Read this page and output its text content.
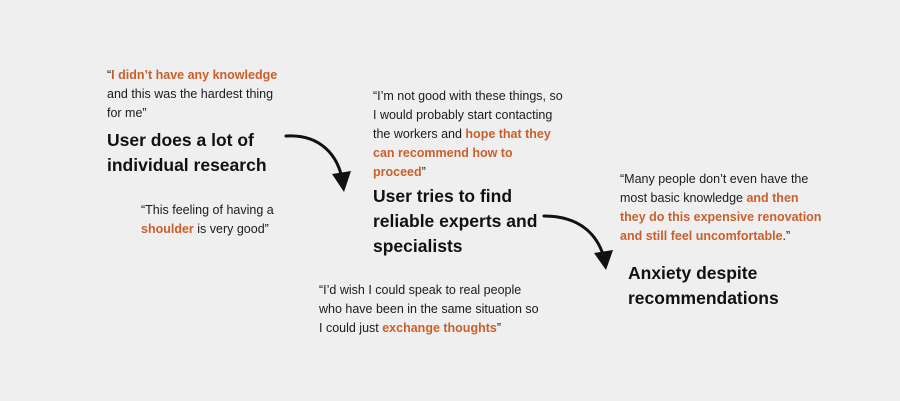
“I didn’t have any knowledge and this was the hardest thing for me”
User does a lot of individual research
“This feeling of having a shoulder is very good”
“I’m not good with these things, so I would probably start contacting the workers and hope that they can recommend how to proceed”
User tries to find reliable experts and specialists
“I’d wish I could speak to real people who have been in the same situation so I could just exchange thoughts”
“Many people don’t even have the most basic knowledge and then they do this expensive renovation and still feel uncomfortable.”
Anxiety despite recommendations
